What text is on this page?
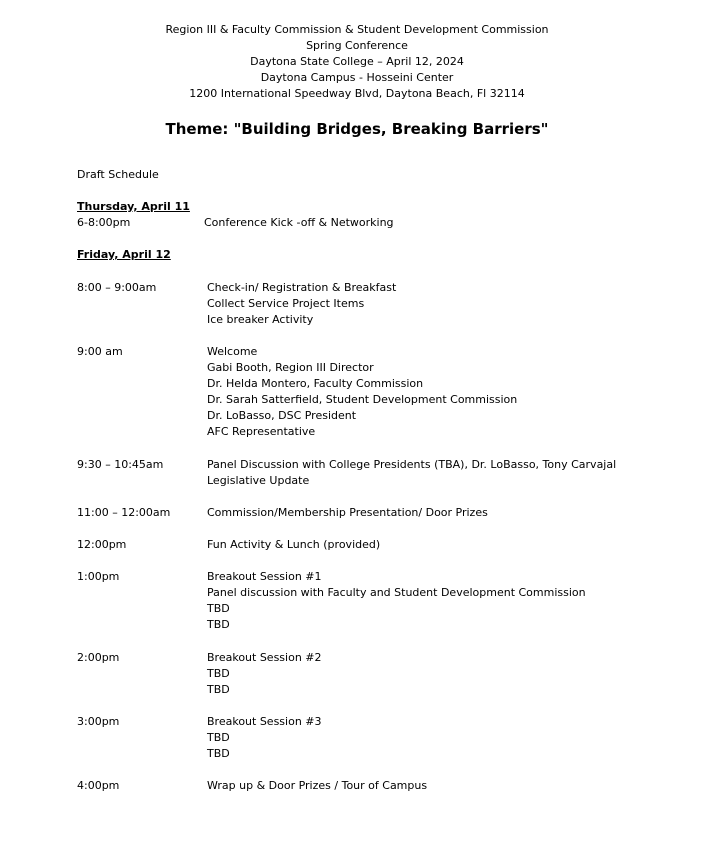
Region III & Faculty Commission & Student Development Commission
Spring Conference
Daytona State College – April 12, 2024
Daytona Campus - Hosseini Center
1200 International Speedway Blvd, Daytona Beach, Fl 32114
Theme: "Building Bridges, Breaking Barriers"
Draft Schedule
Thursday, April 11
6-8:00pm	Conference Kick -off & Networking
Friday, April 12
8:00 – 9:00am	Check-in/ Registration & Breakfast
Collect Service Project Items
Ice breaker Activity
9:00 am	Welcome
Gabi Booth, Region III Director
Dr. Helda Montero, Faculty Commission
Dr. Sarah Satterfield, Student Development Commission
Dr. LoBasso, DSC President
AFC Representative
9:30 – 10:45am	Panel Discussion with College Presidents (TBA), Dr. LoBasso, Tony Carvajal
Legislative Update
11:00 – 12:00am	Commission/Membership Presentation/ Door Prizes
12:00pm	Fun Activity & Lunch (provided)
1:00pm	Breakout Session #1
Panel discussion with Faculty and Student Development Commission
TBD
TBD
2:00pm	Breakout Session #2
TBD
TBD
3:00pm	Breakout Session #3
TBD
TBD
4:00pm	Wrap up & Door Prizes / Tour of Campus
